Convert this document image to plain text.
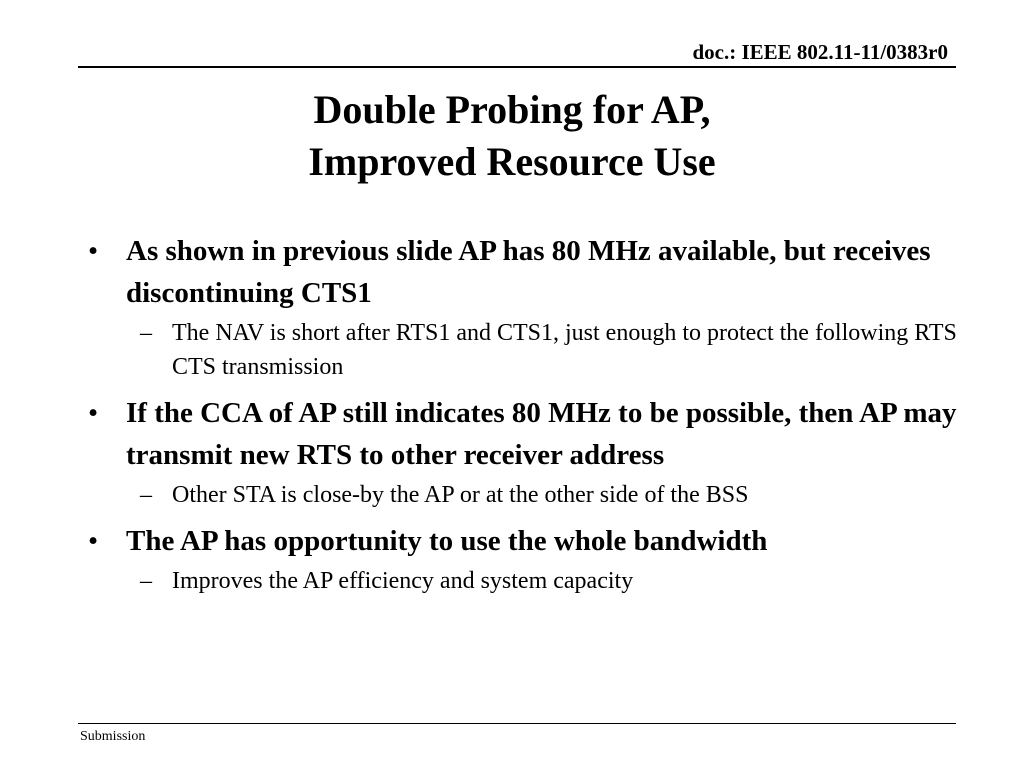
doc.: IEEE 802.11-11/0383r0
Double Probing for AP,
Improved Resource Use
• As shown in previous slide AP has 80 MHz available, but receives discontinuing CTS1
– The NAV is short after RTS1 and CTS1, just enough to protect the following RTS CTS transmission
• If the CCA of AP still indicates 80 MHz to be possible, then AP may transmit new RTS to other receiver address
– Other STA is close-by the AP or at the other side of the BSS
• The AP has opportunity to use the whole bandwidth
– Improves the AP efficiency and system capacity
Submission
